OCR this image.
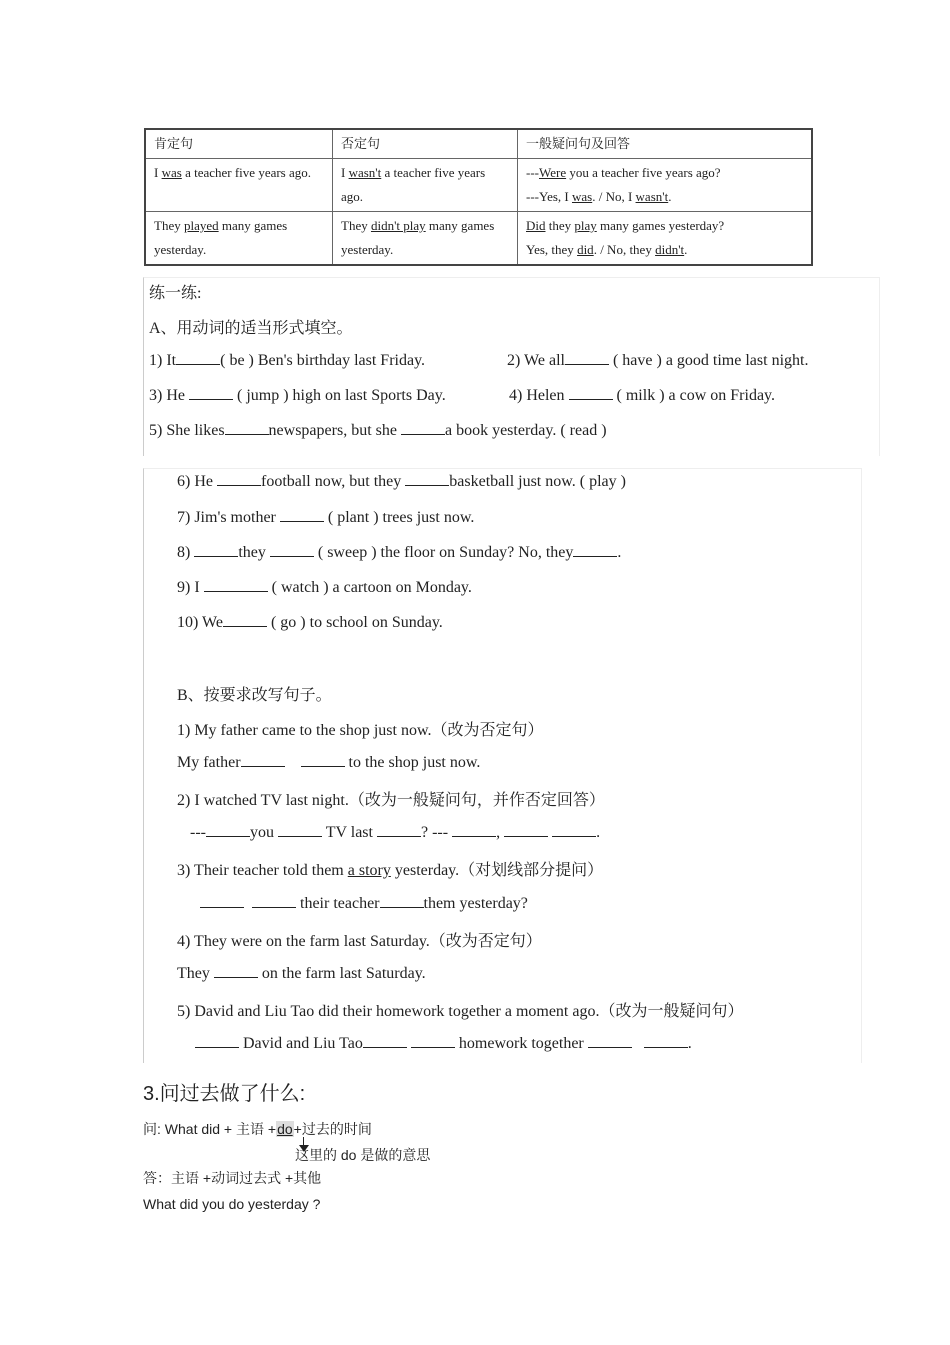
肯定句	否定句	一般疑问句及回答
I was a teacher five years ago.	I wasn't a teacher five years ago.	---Were you a teacher five years ago?
---Yes, I was. / No, I wasn't.

They played many games yesterday.	They didn't play many games yesterday.	Did they play many games yesterday?
Yes, they did. / No, they didn't.
练一练:
A、用动词的适当形式填空。
1) It	( be ) Ben's birthday last Friday.	2) We all	( have ) a good time last night.
3) He	( jump ) high on last Sports Day.	4) Helen	( milk ) a cow on Friday.
5) She likes	newspapers, but she	a book yesterday. ( read )
6) He	football now, but they	basketball just now. ( play )
7) Jim's mother	( plant ) trees just now.
8)	they	( sweep ) the floor on Sunday? No, they	.
9) I	( watch ) a cartoon on Monday.
10) We	( go ) to school on Sunday.
B、按要求改写句子。
1) My father came to the shop just now.（改为否定句）
My father	to the shop just now.
2) I watched TV last night.（改为一般疑问句，并作否定回答）
---	you	TV last	? ---	,	.
3) Their teacher told them a story yesterday.（对划线部分提问）
their teacher	them yesterday?
4) They were on the farm last Saturday.（改为否定句）
They	on the farm last Saturday.
5) David and Liu Tao did their homework together a moment ago.（改为一般疑问句）
David and Liu Tao	homework together	.
3.问过去做了什么:
问: What did + 主语 +do+过去的时间
这里的 do 是做的意思
答：主语 +动词过去式 +其他
What did you do yesterday ?
